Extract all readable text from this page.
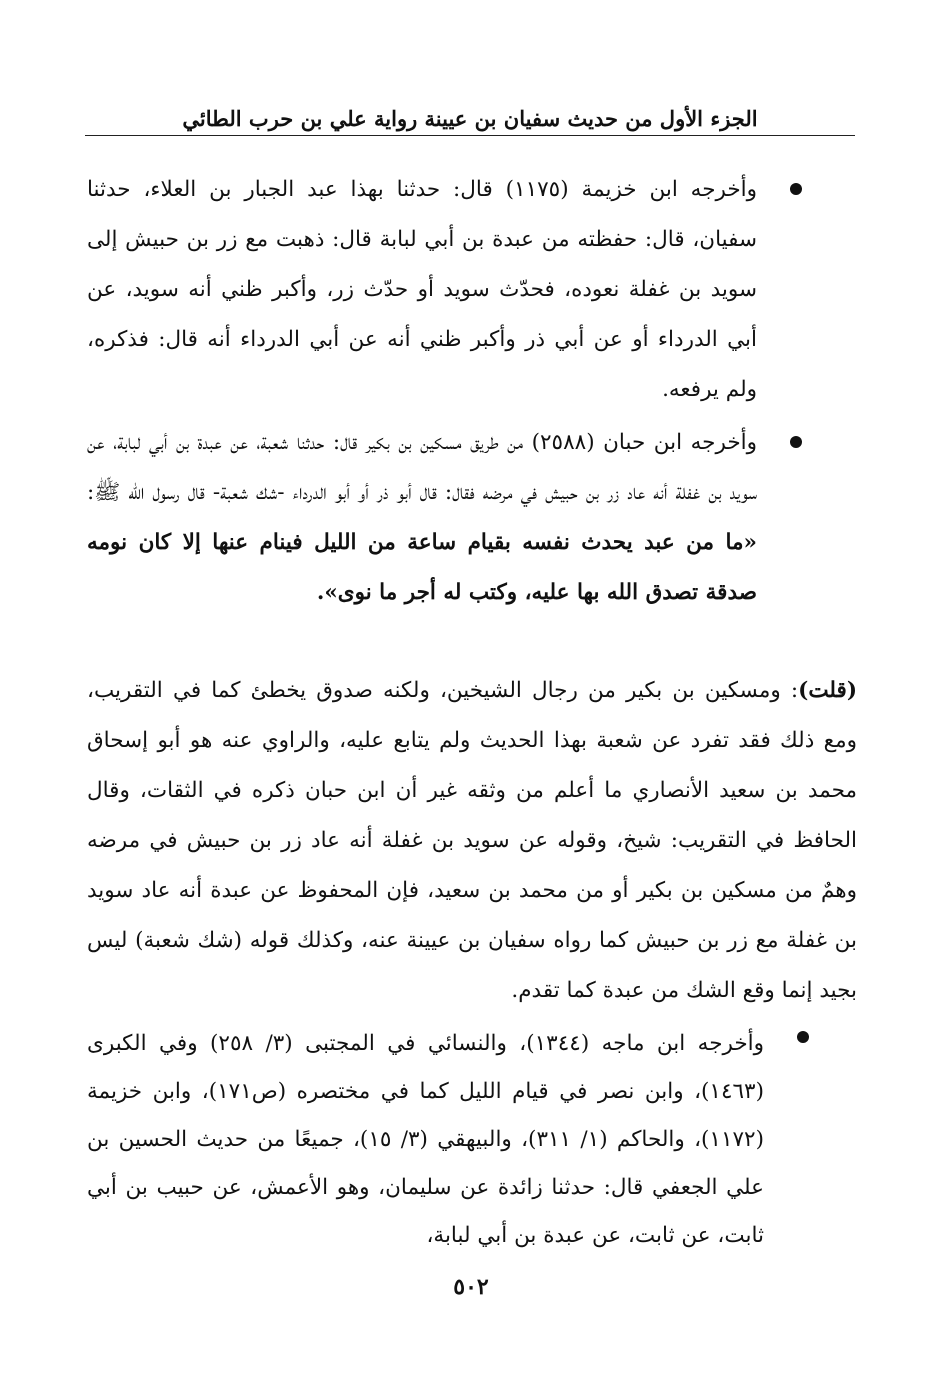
الجزء الأول من حديث سفيان بن عيينة رواية علي بن حرب الطائي

وأخرجه ابن خزيمة (١١٧٥) قال: حدثنا بهذا عبد الجبار بن العلاء، حدثنا سفيان، قال: حفظته من عبدة بن أبي لبابة قال: ذهبت مع زر بن حبيش إلى سويد بن غفلة نعوده، فحدّث سويد أو حدّث زر، وأكبر ظني أنه سويد، عن أبي الدرداء أو عن أبي ذر وأكبر ظني أنه عن أبي الدرداء أنه قال: فذكره، ولم يرفعه.

وأخرجه ابن حبان (٢٥٨٨) من طريق مسكين بن بكير قال: حدثنا شعبة، عن عبدة بن أبي لبابة، عن سويد بن غفلة أنه عاد زر بن حبيش في مرضه فقال: قال أبو ذر أو أبو الدرداء -شك شعبة- قال رسول الله ﷺ: «ما من عبد يحدث نفسه بقيام ساعة من الليل فينام عنها إلا كان نومه صدقة تصدق الله بها عليه، وكتب له أجر ما نوى».

(قلت): ومسكين بن بكير من رجال الشيخين، ولكنه صدوق يخطئ كما في التقريب، ومع ذلك فقد تفرد عن شعبة بهذا الحديث ولم يتابع عليه، والراوي عنه هو أبو إسحاق محمد بن سعيد الأنصاري ما أعلم من وثقه غير أن ابن حبان ذكره في الثقات، وقال الحافظ في التقريب: شيخ، وقوله عن سويد بن غفلة أنه عاد زر بن حبيش في مرضه وهمٌ من مسكين بن بكير أو من محمد بن سعيد، فإن المحفوظ عن عبدة أنه عاد سويد بن غفلة مع زر بن حبيش كما رواه سفيان بن عيينة عنه، وكذلك قوله (شك شعبة) ليس بجيد إنما وقع الشك من عبدة كما تقدم.

وأخرجه ابن ماجه (١٣٤٤)، والنسائي في المجتبى (٣/ ٢٥٨) وفي الكبرى (١٤٦٣)، وابن نصر في قيام الليل كما في مختصره (ص١٧١)، وابن خزيمة (١١٧٢)، والحاكم (١/ ٣١١)، والبيهقي (٣/ ١٥)، جميعًا من حديث الحسين بن علي الجعفي قال: حدثنا زائدة عن سليمان، وهو الأعمش، عن حبيب بن أبي ثابت، عن ثابت، عن عبدة بن أبي لبابة،

٥٠٢
